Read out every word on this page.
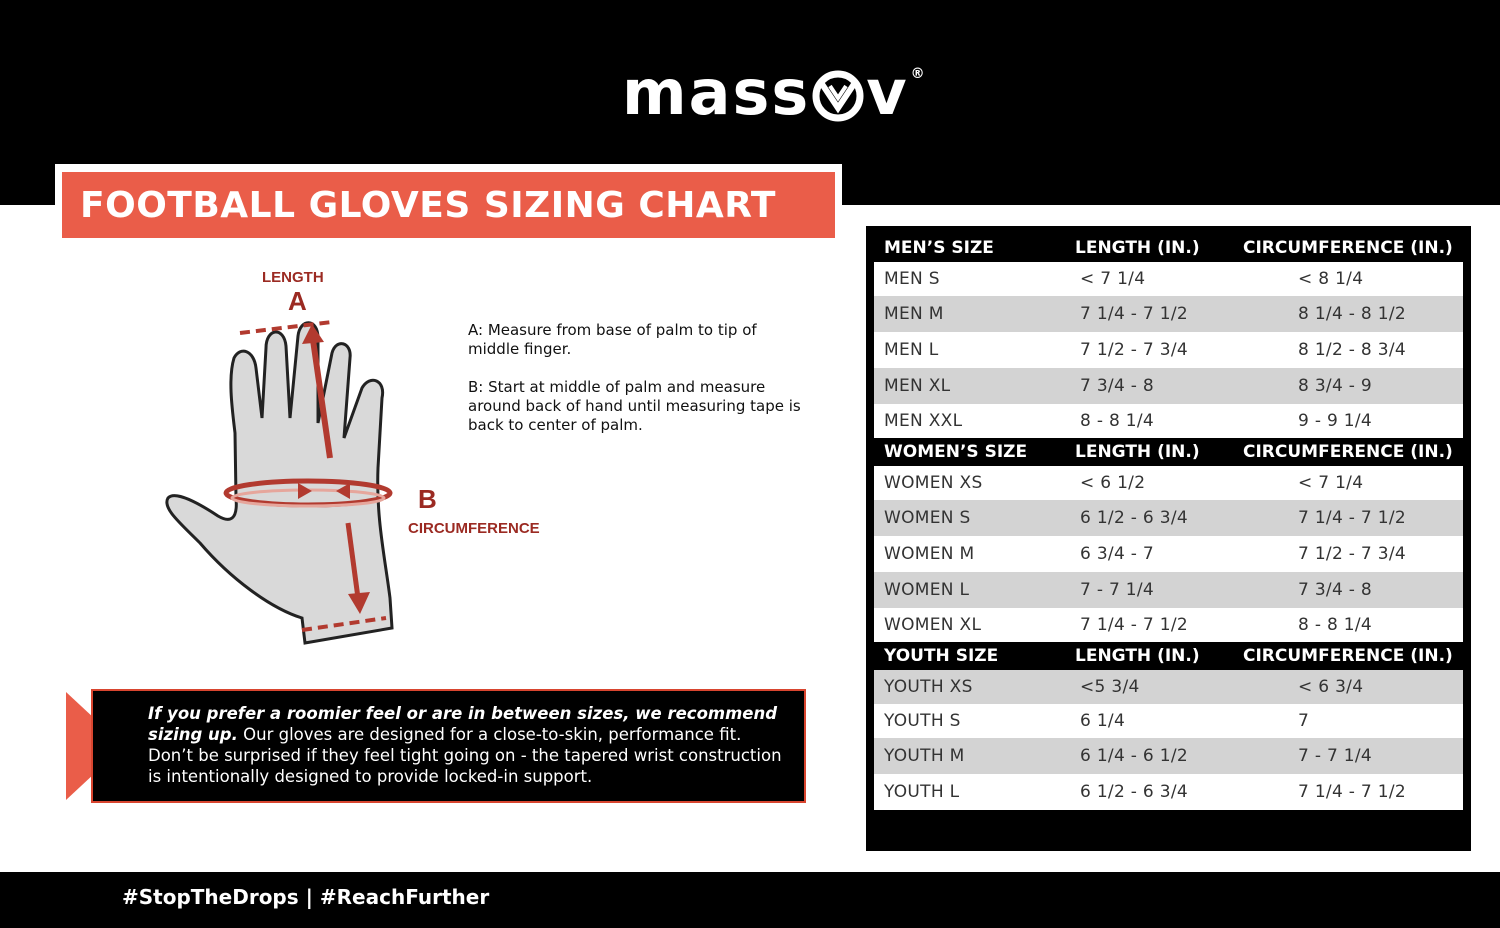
mass v ®
FOOTBALL GLOVES SIZING CHART
LENGTH
A
B
CIRCUMFERENCE

A: Measure from base of palm to tip of middle finger.

B: Start at middle of palm and measure around back of hand until measuring tape is back to center of palm.

If you prefer a roomier feel or are in between sizes, we recommend sizing up. Our gloves are designed for a close-to-skin, performance fit. Don’t be surprised if they feel tight going on - the tapered wrist construction is intentionally designed to provide locked-in support.
MEN’S SIZE	LENGTH (IN.)	CIRCUMFERENCE (IN.)
MEN S	< 7 1/4	< 8 1/4
MEN M	7 1/4 - 7 1/2	8 1/4 - 8 1/2
MEN L	7 1/2 - 7 3/4	8 1/2 - 8 3/4
MEN XL	7 3/4 - 8	8 3/4 - 9
MEN XXL	8 - 8 1/4	9 - 9 1/4
WOMEN’S SIZE	LENGTH (IN.)	CIRCUMFERENCE (IN.)
WOMEN XS	< 6 1/2	< 7 1/4
WOMEN S	6 1/2 - 6 3/4	7 1/4 - 7 1/2
WOMEN M	6 3/4 - 7	7 1/2 - 7 3/4
WOMEN L	7 - 7 1/4	7 3/4 - 8
WOMEN XL	7 1/4 - 7 1/2	8 - 8 1/4
YOUTH SIZE	LENGTH (IN.)	CIRCUMFERENCE (IN.)
YOUTH XS	<5 3/4	< 6 3/4
YOUTH S	6 1/4	7
YOUTH M	6 1/4 - 6 1/2	7 - 7 1/4
YOUTH L	6 1/2 - 6 3/4	7 1/4 - 7 1/2
#StopTheDrops | #ReachFurther
